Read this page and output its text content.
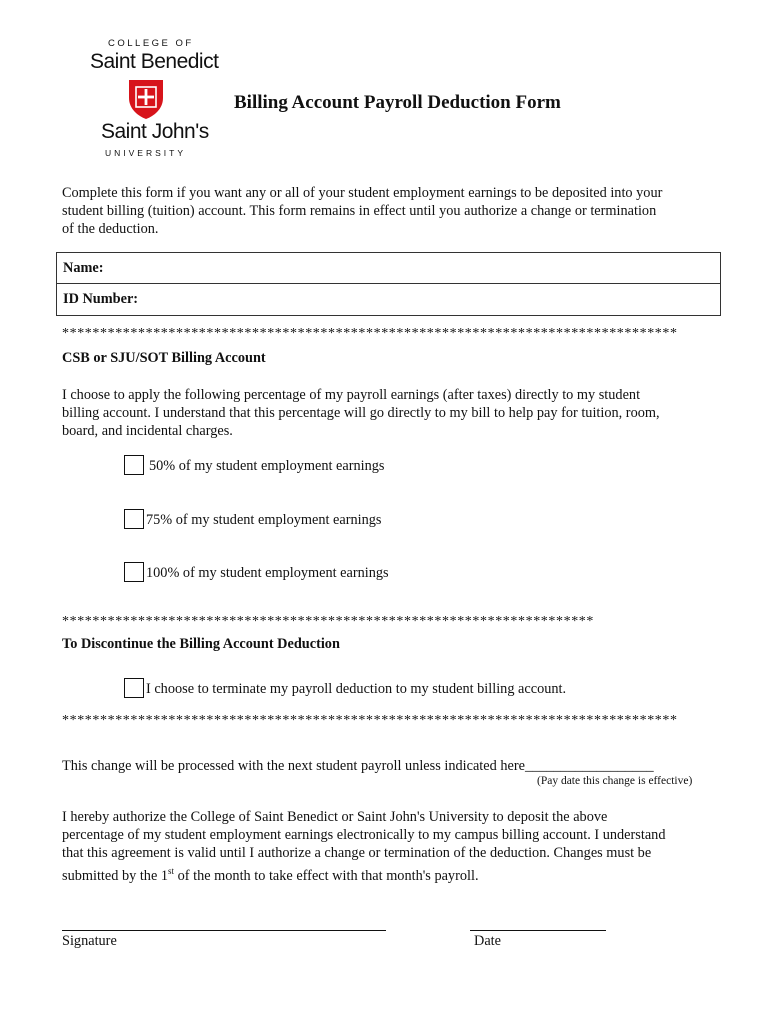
COLLEGE OF
Saint Benedict
Saint John's
UNIVERSITY
Billing Account Payroll Deduction Form
Complete this form if you want any or all of your student employment earnings to be deposited into your
student billing (tuition) account. This form remains in effect until you authorize a change or termination
of the deduction.
Name:
ID Number:
*********************************************************************************
CSB or SJU/SOT Billing Account
I choose to apply the following percentage of my payroll earnings (after taxes) directly to my student
billing account. I understand that this percentage will go directly to my bill to help pay for tuition, room,
board, and incidental charges.
50% of my student employment earnings
75% of my student employment earnings
100% of my student employment earnings
**********************************************************************
To Discontinue the Billing Account Deduction
I choose to terminate my payroll deduction to my student billing account.
*********************************************************************************
This change will be processed with the next student payroll unless indicated here__________________
(Pay date this change is effective)
I hereby authorize the College of Saint Benedict or Saint John's University to deposit the above
percentage of my student employment earnings electronically to my campus billing account. I understand
that this agreement is valid until I authorize a change or termination of the deduction. Changes must be
submitted by the 1st of the month to take effect with that month's payroll.
Signature	Date
